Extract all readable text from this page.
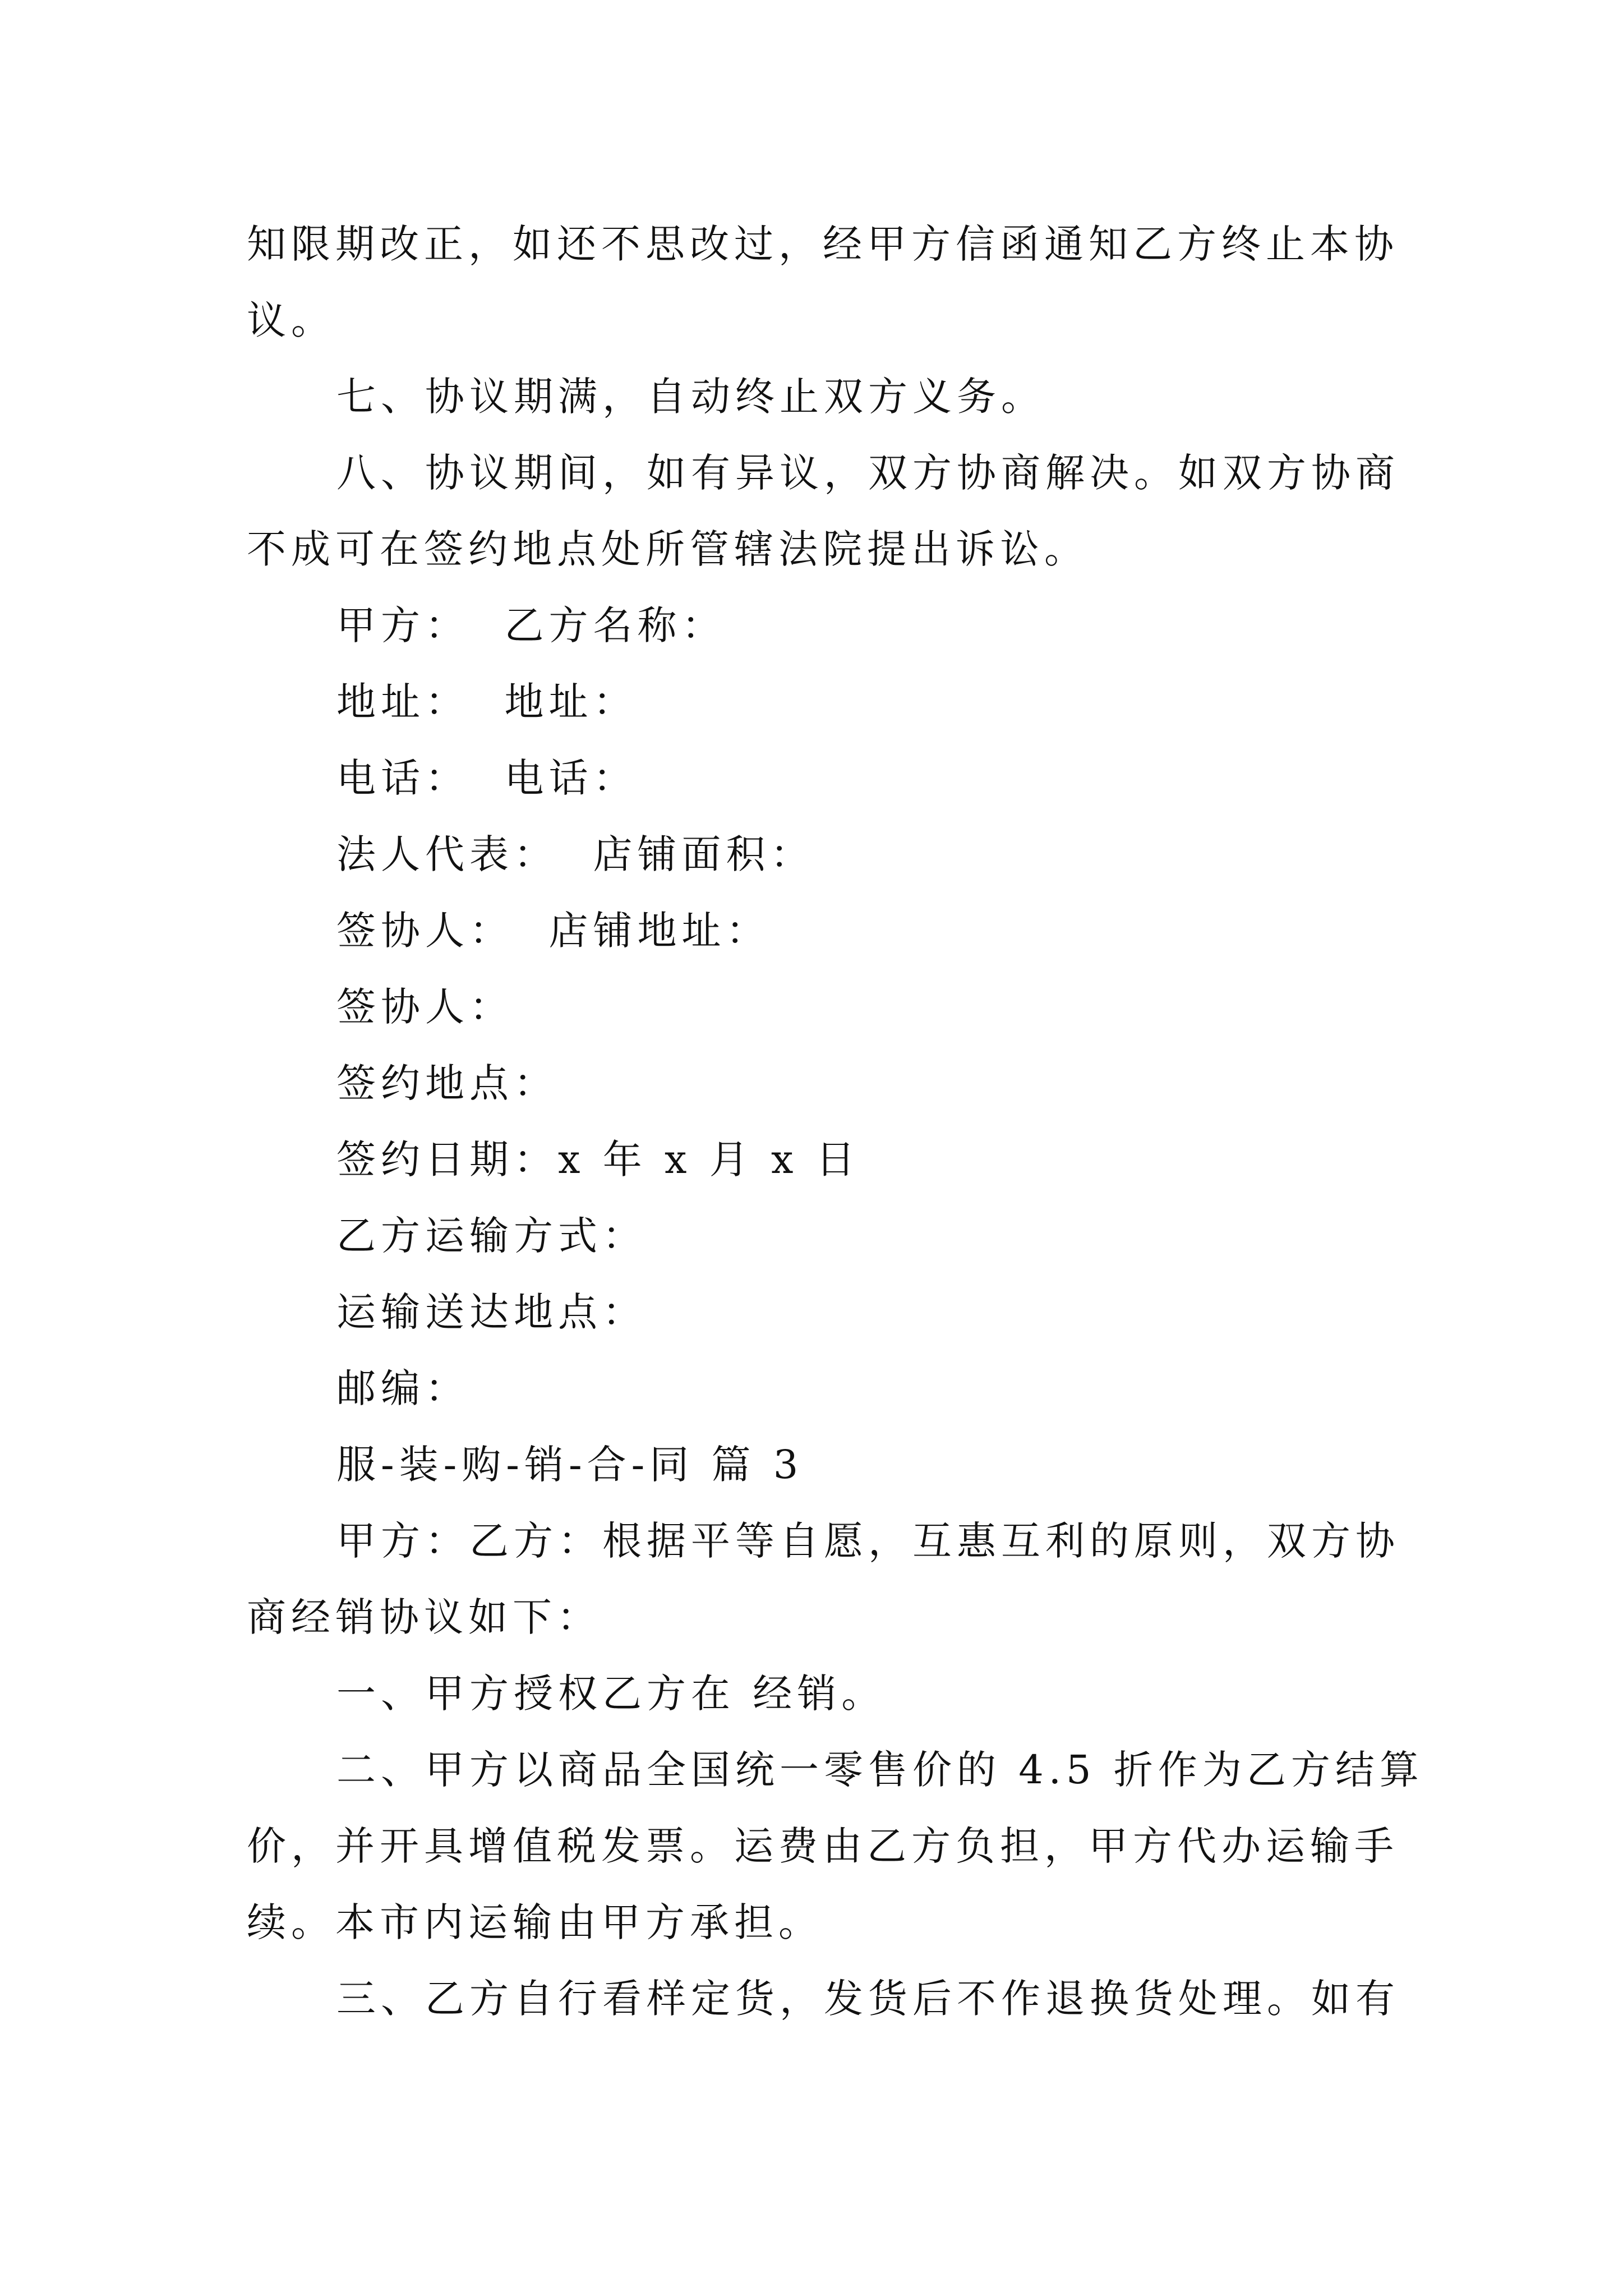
知限期改正，如还不思改过，经甲方信函通知乙方终止本协
议。
七、协议期满，自动终止双方义务。
八、协议期间，如有异议，双方协商解决。如双方协商
不成可在签约地点处所管辖法院提出诉讼。
甲方：  乙方名称：
地址：  地址：
电话：  电话：
法人代表：  店铺面积：
签协人：  店铺地址：
签协人：
签约地点：
签约日期：x 年 x 月 x 日
乙方运输方式：
运输送达地点：
邮编：
服-装-购-销-合-同 篇 3
甲方：乙方：根据平等自愿，互惠互利的原则，双方协
商经销协议如下：
一、甲方授权乙方在 经销。
二、甲方以商品全国统一零售价的 4.5 折作为乙方结算
价，并开具增值税发票。运费由乙方负担，甲方代办运输手
续。本市内运输由甲方承担。
三、乙方自行看样定货，发货后不作退换货处理。如有
